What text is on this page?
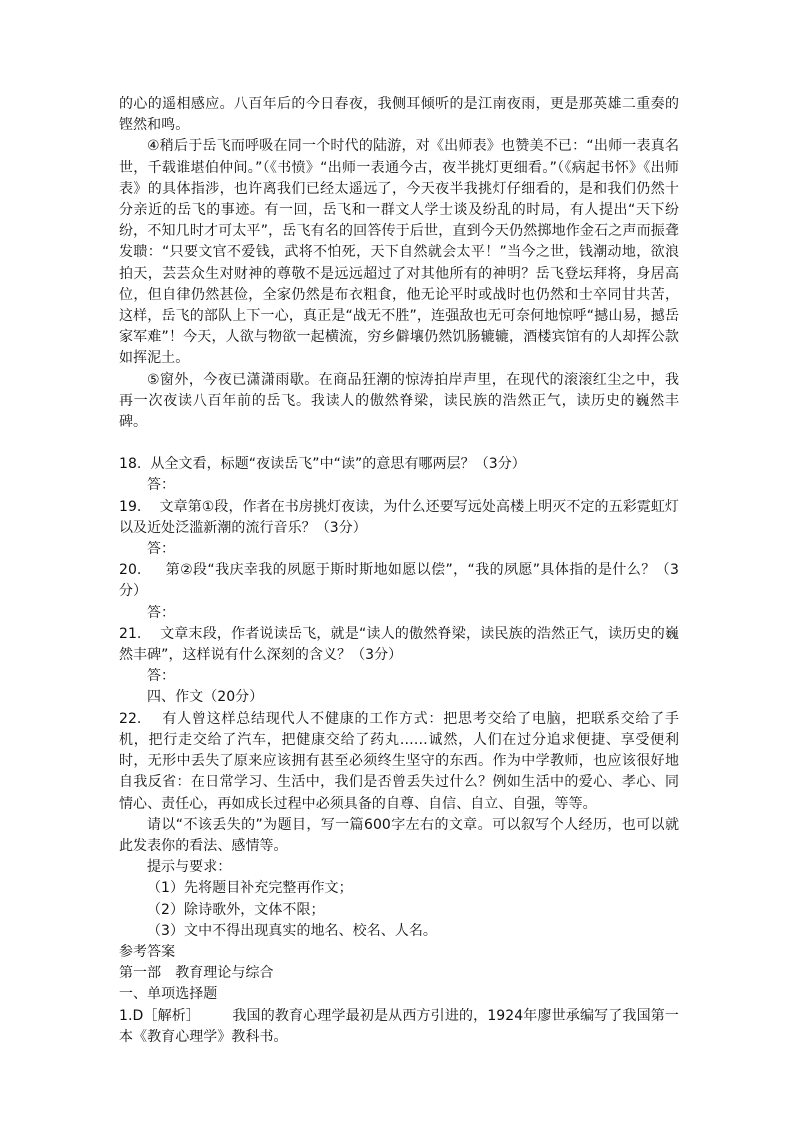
的心的遥相感应。八百年后的今日春夜，我侧耳倾听的是江南夜雨，更是那英雄二重奏的铿然和鸣。

④稍后于岳飞而呼吸在同一个时代的陆游，对《出师表》也赞美不已：“出师一表真名世，千载谁堪伯仲间。”（《书愤》“出师一表通今古，夜半挑灯更细看。”（《病起书怀》《出师表》的具体指涉，也许离我们已经太遥远了，今天夜半我挑灯仔细看的，是和我们仍然十分亲近的岳飞的事迹。有一回，岳飞和一群文人学士谈及纷乱的时局，有人提出“天下纷纷，不知几时才可太平”，岳飞有名的回答传于后世，直到今天仍然掷地作金石之声而振聋发聩：“只要文官不爱钱，武将不怕死，天下自然就会太平！”当今之世，钱潮动地，欲浪拍天，芸芸众生对财神的尊敬不是远远超过了对其他所有的神明？岳飞登坛拜将，身居高位，但自律仍然甚俭，全家仍然是布衣粗食，他无论平时或战时也仍然和士卒同甘共苦，这样，岳飞的部队上下一心，真正是“战无不胜”，连强敌也无可奈何地惊呼“撼山易，撼岳家军难”！今天，人欲与物欲一起横流，穷乡僻壤仍然饥肠辘辘，酒楼宾馆有的人却挥公款如挥泥土。

⑤窗外，今夜已潇潇雨歇。在商品狂潮的惊涛拍岸声里，在现代的滚滚红尘之中，我再一次夜读八百年前的岳飞。我读人的傲然脊梁，读民族的浩然正气，读历史的巍然丰碑。

18. 从全文看，标题“夜读岳飞”中“读”的意思有哪两层？（3分）

答：

19. 文章第①段，作者在书房挑灯夜读，为什么还要写远处高楼上明灭不定的五彩霓虹灯以及近处泛滥新潮的流行音乐？（3分）

答：

20. 第②段“我庆幸我的夙愿于斯时斯地如愿以偿”，“我的夙愿”具体指的是什么？（3分）

答：

21. 文章末段，作者说读岳飞，就是“读人的傲然脊梁，读民族的浩然正气，读历史的巍然丰碑”，这样说有什么深刻的含义？（3分）

答：

四、作文（20分）

22. 有人曾这样总结现代人不健康的工作方式：把思考交给了电脑，把联系交给了手机，把行走交给了汽车，把健康交给了药丸……诚然，人们在过分追求便捷、享受便利时，无形中丢失了原来应该拥有甚至必须终生坚守的东西。作为中学教师，也应该很好地自我反省：在日常学习、生活中，我们是否曾丢失过什么？例如生活中的爱心、孝心、同情心、责任心，再如成长过程中必须具备的自尊、自信、自立、自强，等等。

请以“不该丢失的”为题目，写一篇600字左右的文章。可以叙写个人经历，也可以就此发表你的看法、感情等。

提示与要求：

（1）先将题目补充完整再作文；

（2）除诗歌外，文体不限；

（3）文中不得出现真实的地名、校名、人名。

参考答案

第一部　教育理论与综合

一、单项选择题

1.D［解析］ 我国的教育心理学最初是从西方引进的，1924年廖世承编写了我国第一本《教育心理学》教科书。
